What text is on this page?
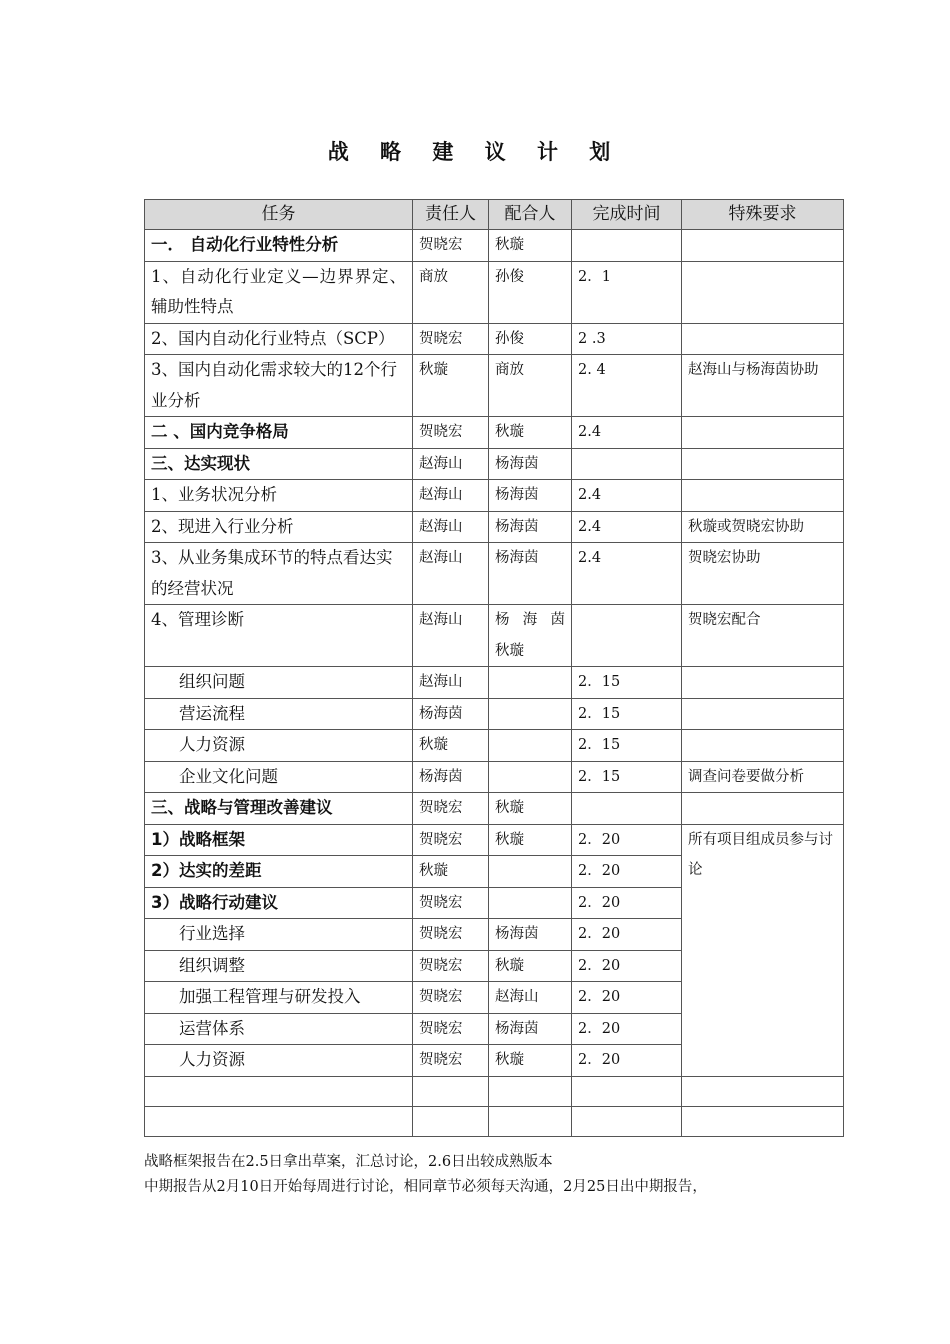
战 略 建 议 计 划
任务	责任人	配合人	完成时间	特殊要求
一． 自动化行业特性分析	贺晓宏	秋璇		
1、自动化行业定义—边界界定、辅助性特点	商放	孙俊	2．1	
2、国内自动化行业特点（SCP）	贺晓宏	孙俊	2 .3	
3、国内自动化需求较大的12个行业分析	秋璇	商放	2. 4	赵海山与杨海茵协助
二 、国内竞争格局	贺晓宏	秋璇	2.4	
三、达实现状	赵海山	杨海茵		
1、业务状况分析	赵海山	杨海茵	2.4	
2、现进入行业分析	赵海山	杨海茵	2.4	秋璇或贺晓宏协助
3、从业务集成环节的特点看达实的经营状况	赵海山	杨海茵	2.4	贺晓宏协助
4、管理诊断	赵海山	杨 海 茵 秋璇		贺晓宏配合
组织问题	赵海山		2．15	
营运流程	杨海茵		2．15	
人力资源	秋璇		2．15	
企业文化问题	杨海茵		2．15	调查问卷要做分析
三、战略与管理改善建议	贺晓宏	秋璇		
1）战略框架	贺晓宏	秋璇	2．20	所有项目组成员参与讨论
2）达实的差距	秋璇		2．20	
3）战略行动建议	贺晓宏		2．20	
行业选择	贺晓宏	杨海茵	2．20	
组织调整	贺晓宏	秋璇	2．20	
加强工程管理与研发投入	贺晓宏	赵海山	2．20	
运营体系	贺晓宏	杨海茵	2．20	
人力资源	贺晓宏	秋璇	2．20	

战略框架报告在2.5日拿出草案，汇总讨论，2.6日出较成熟版本
中期报告从2月10日开始每周进行讨论，相同章节必须每天沟通，2月25日出中期报告，
